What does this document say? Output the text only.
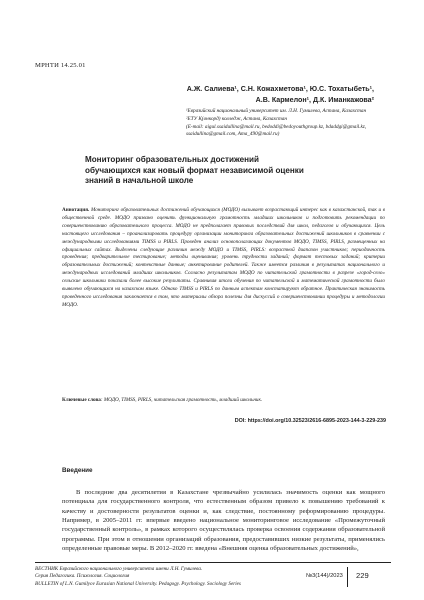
МРНТИ 14.25.01
А.Ж. Салиева¹, С.Н. Кожахметова¹, Ю.С. Тохатыбеть¹,
А.В. Кармелон¹, Д.К. Иманкажова²
¹Евразийский национальный университет им. Л.Н. Гумилева, Астана, Казахстан
²ЕТУ Қ(онкорд) колледж, Астана, Казахстан
(E-mail: aigul.ssaidullina@mail.ru, bedoddi@bedoyouthgroup.kz, bdaddgi@gmail.kz,
ssaidullina@gmail.com, Ama_490@mail.ru)
Мониторинг образовательных достижений обучающихся как новый формат независимой оценки знаний в начальной школе
Аннотация. Мониторинг образовательных достижений обучающихся (МОДО) вызывает возрастающий интерес как в казахстанской, так и в общественной среде. МОДО призвано оценить функциональную грамотность младших школьников и подготовить рекомендации по совершенствованию образовательного процесса. МОДО не предполагает правовых последствий для школ, педагогов и обучающихся. Цель настоящего исследования – проанализировать процедуру организации мониторинга образовательных достижений школьников в сравнении с международными исследованиями TIMSS и PIRLS. Проведен анализ основополагающих документов МОДО, TIMSS, PIRLS, размещенных на официальных сайтах. Выделены следующие различия между МОДО и TIMSS, PIRLS: возрастной диапазон участников; периодичность проведения; предварительное тестирование; методы оценивания; уровень трудности заданий; формат тестовых заданий; критерии образовательных достижений; контекстные данные; анкетирование родителей. Также имеется различия в результатах национального и международных исследований младших школьников. Согласно результатам МОДО по читательской грамотности в разрезе «город-село» сельские школьники показали более высокие результаты. Сравнивая итоги обучения по читательской и математической грамотности было выявлено обучающихся на казахском языке. Однако TIMSS и PIRLS по данным аспектам констатируют обратное. Практическая значимость проведенного исследования заключается в том, что материалы обзора полезны для дискуссий о совершенствовании процедуры и методологии МОДО.
Ключевые слова: МОДО, TIMSS, PIRLS, читательская грамотность, младший школьник.
DOI: https://doi.org/10.32523/2616-6895-2023-144-3-229-239
Введение
В последние два десятилетия в Казахстане чрезвычайно усилилась значимость оценки как мощного потенциала для государственного контроля, что естественным образом привело к повышению требований к качеству и достоверности результатов оценки и, как следствие, постоянному реформированию процедуры. Например, в 2005–2011 гг. впервые введено национальное мониторинговое исследование «Промежуточный государственный контроль», в рамках которого осуществлялась проверка освоения содержания образовательной программы. При этом в отношении организаций образования, предоставивших низкие результаты, применялись определенные правовые меры. В 2012–2020 гг. введена «Внешняя оценка образовательных достижений»,
ВЕСТНИК Евразийского национального университета имени Л.Н. Гумилева.
Серия Педагогика. Психология. Социология
BULLETIN of L.N. Gumilyov Eurasian National University. Pedagogy. Psychology. Sociology Series
№3(144)/2023 229
